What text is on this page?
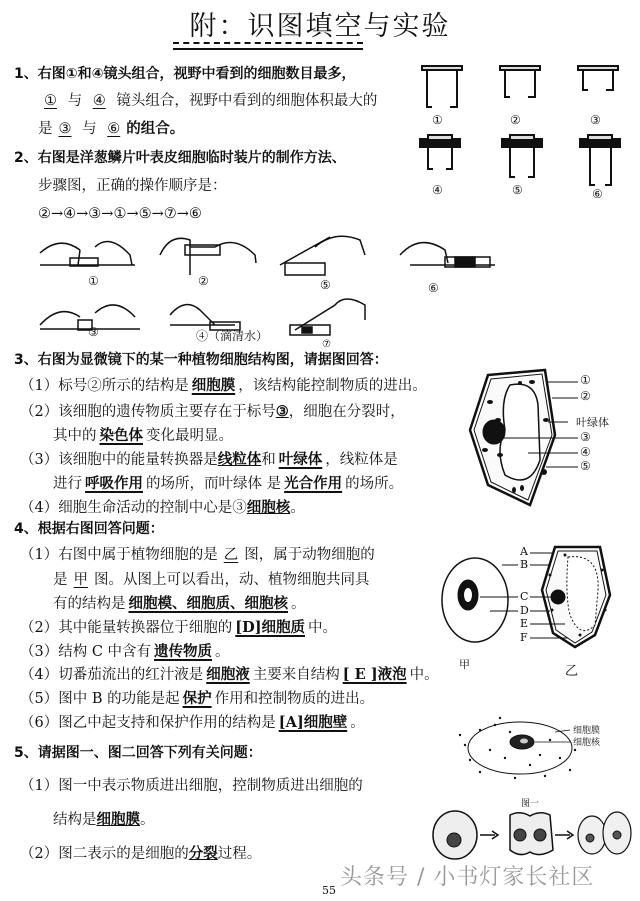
附：识图填空与实验
1、右图①和④镜头组合，视野中看到的细胞数目最多，
① 与 ④ 镜头组合，视野中看到的细胞体积最大的
是 ③ 与 ⑥ 的组合。	①	②	③
④	⑤	⑥
2、右图是洋葱鳞片叶表皮细胞临时装片的制作方法、
步骤图，正确的操作顺序是：
②→④→③→①→⑤→⑦→⑥
①	②	⑤	⑥
③	④（滴清水）
⑦
3、右图为显微镜下的某一种植物细胞结构图，请据图回答：
（1）标号②所示的结构是 细胞膜 ，该结构能控制物质的进出。
（2）该细胞的遗传物质主要存在于标号③，细胞在分裂时，
其中的 染色体 变化最明显。
（3）该细胞中的能量转换器是线粒体和 叶绿体 ，线粒体是
进行 呼吸作用 的场所，而叶绿体 是 光合作用 的场所。
（4）细胞生命活动的控制中心是③细胞核。
①
②
叶绿体
③
④
⑤
4、根据右图回答问题：
（1）右图中属于植物细胞的是 乙 图，属于动物细胞的
是 甲 图。从图上可以看出，动、植物细胞共同具
有的结构是 细胞模、细胞质、细胞核 。
（2）其中能量转换器位于细胞的 [D]细胞质 中。
（3）结构 C 中含有 遗传物质 。
（4）切番茄流出的红汁液是 细胞液 主要来自结构 [ E ]液泡 中。
（5）图中 B 的功能是起 保护 作用和控制物质的进出。
（6）图乙中起支持和保护作用的结构是 [A]细胞壁 。
A
B
C
D
E
F
甲	乙
5、请据图一、图二回答下列有关问题：
（1）图一中表示物质进出细胞，控制物质进出细胞的
结构是细胞膜。
（2）图二表示的是细胞的分裂过程。
细胞膜
细胞核
图一
55
头条号 / 小书灯家长社区
